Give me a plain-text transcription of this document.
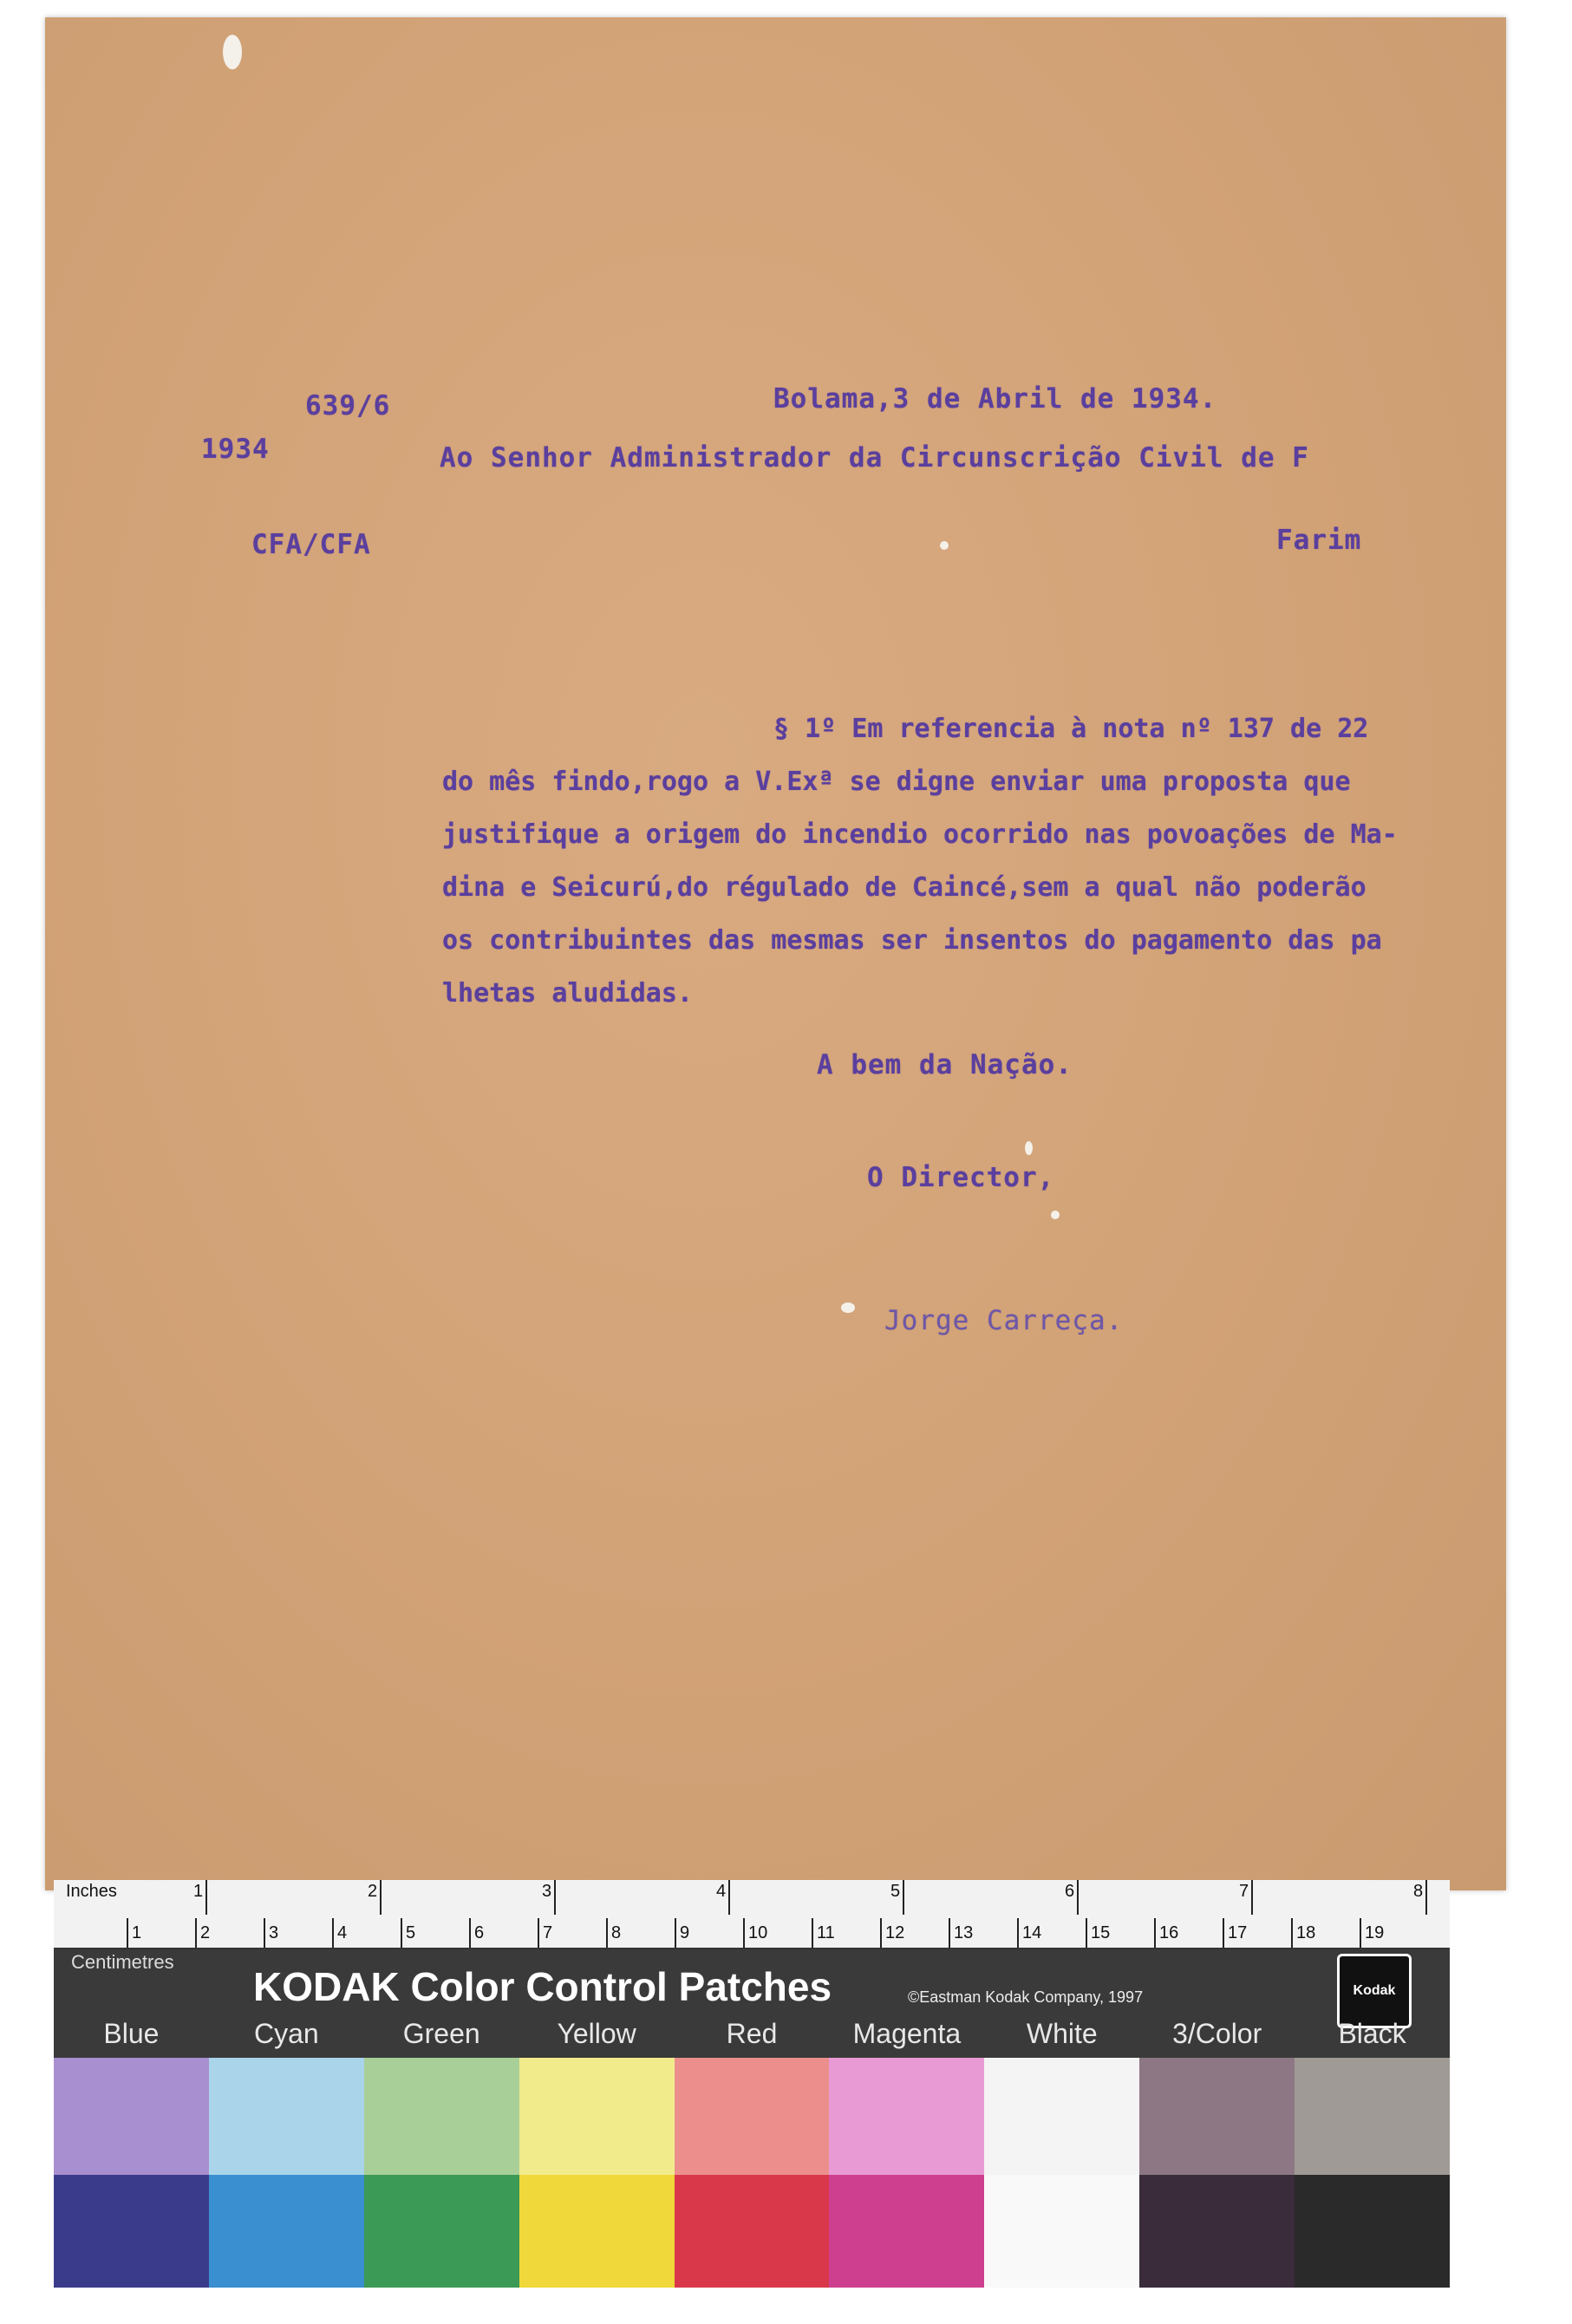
639/6
1934
Bolama,3 de Abril de 1934.
Ao Senhor Administrador da Circunscrição Civil de F
CFA/CFA	Farim
§ 1º Em referencia à nota nº 137 de 22
do mês findo,rogo a V.Exª se digne enviar uma proposta que
justifique a origem do incendio ocorrido nas povoações de Ma-
dina e Seicurú,do régulado de Caincé,sem a qual não poderão
os contribuintes das mesmas ser insentos do pagamento das pa
lhetas aludidas.
A bem da Nação.
O Director,
Jorge Carreça.
Inches	1	2	3	4	5	6	7	8
1	2	3	4	5	6	7	8	9	10	11	12	13	14	15	16	17	18	19
Centimetres
KODAK Color Control Patches	©Eastman Kodak Company, 1997	Kodak
Blue	Cyan	Green	Yellow	Red	Magenta	White	3/Color	Black
